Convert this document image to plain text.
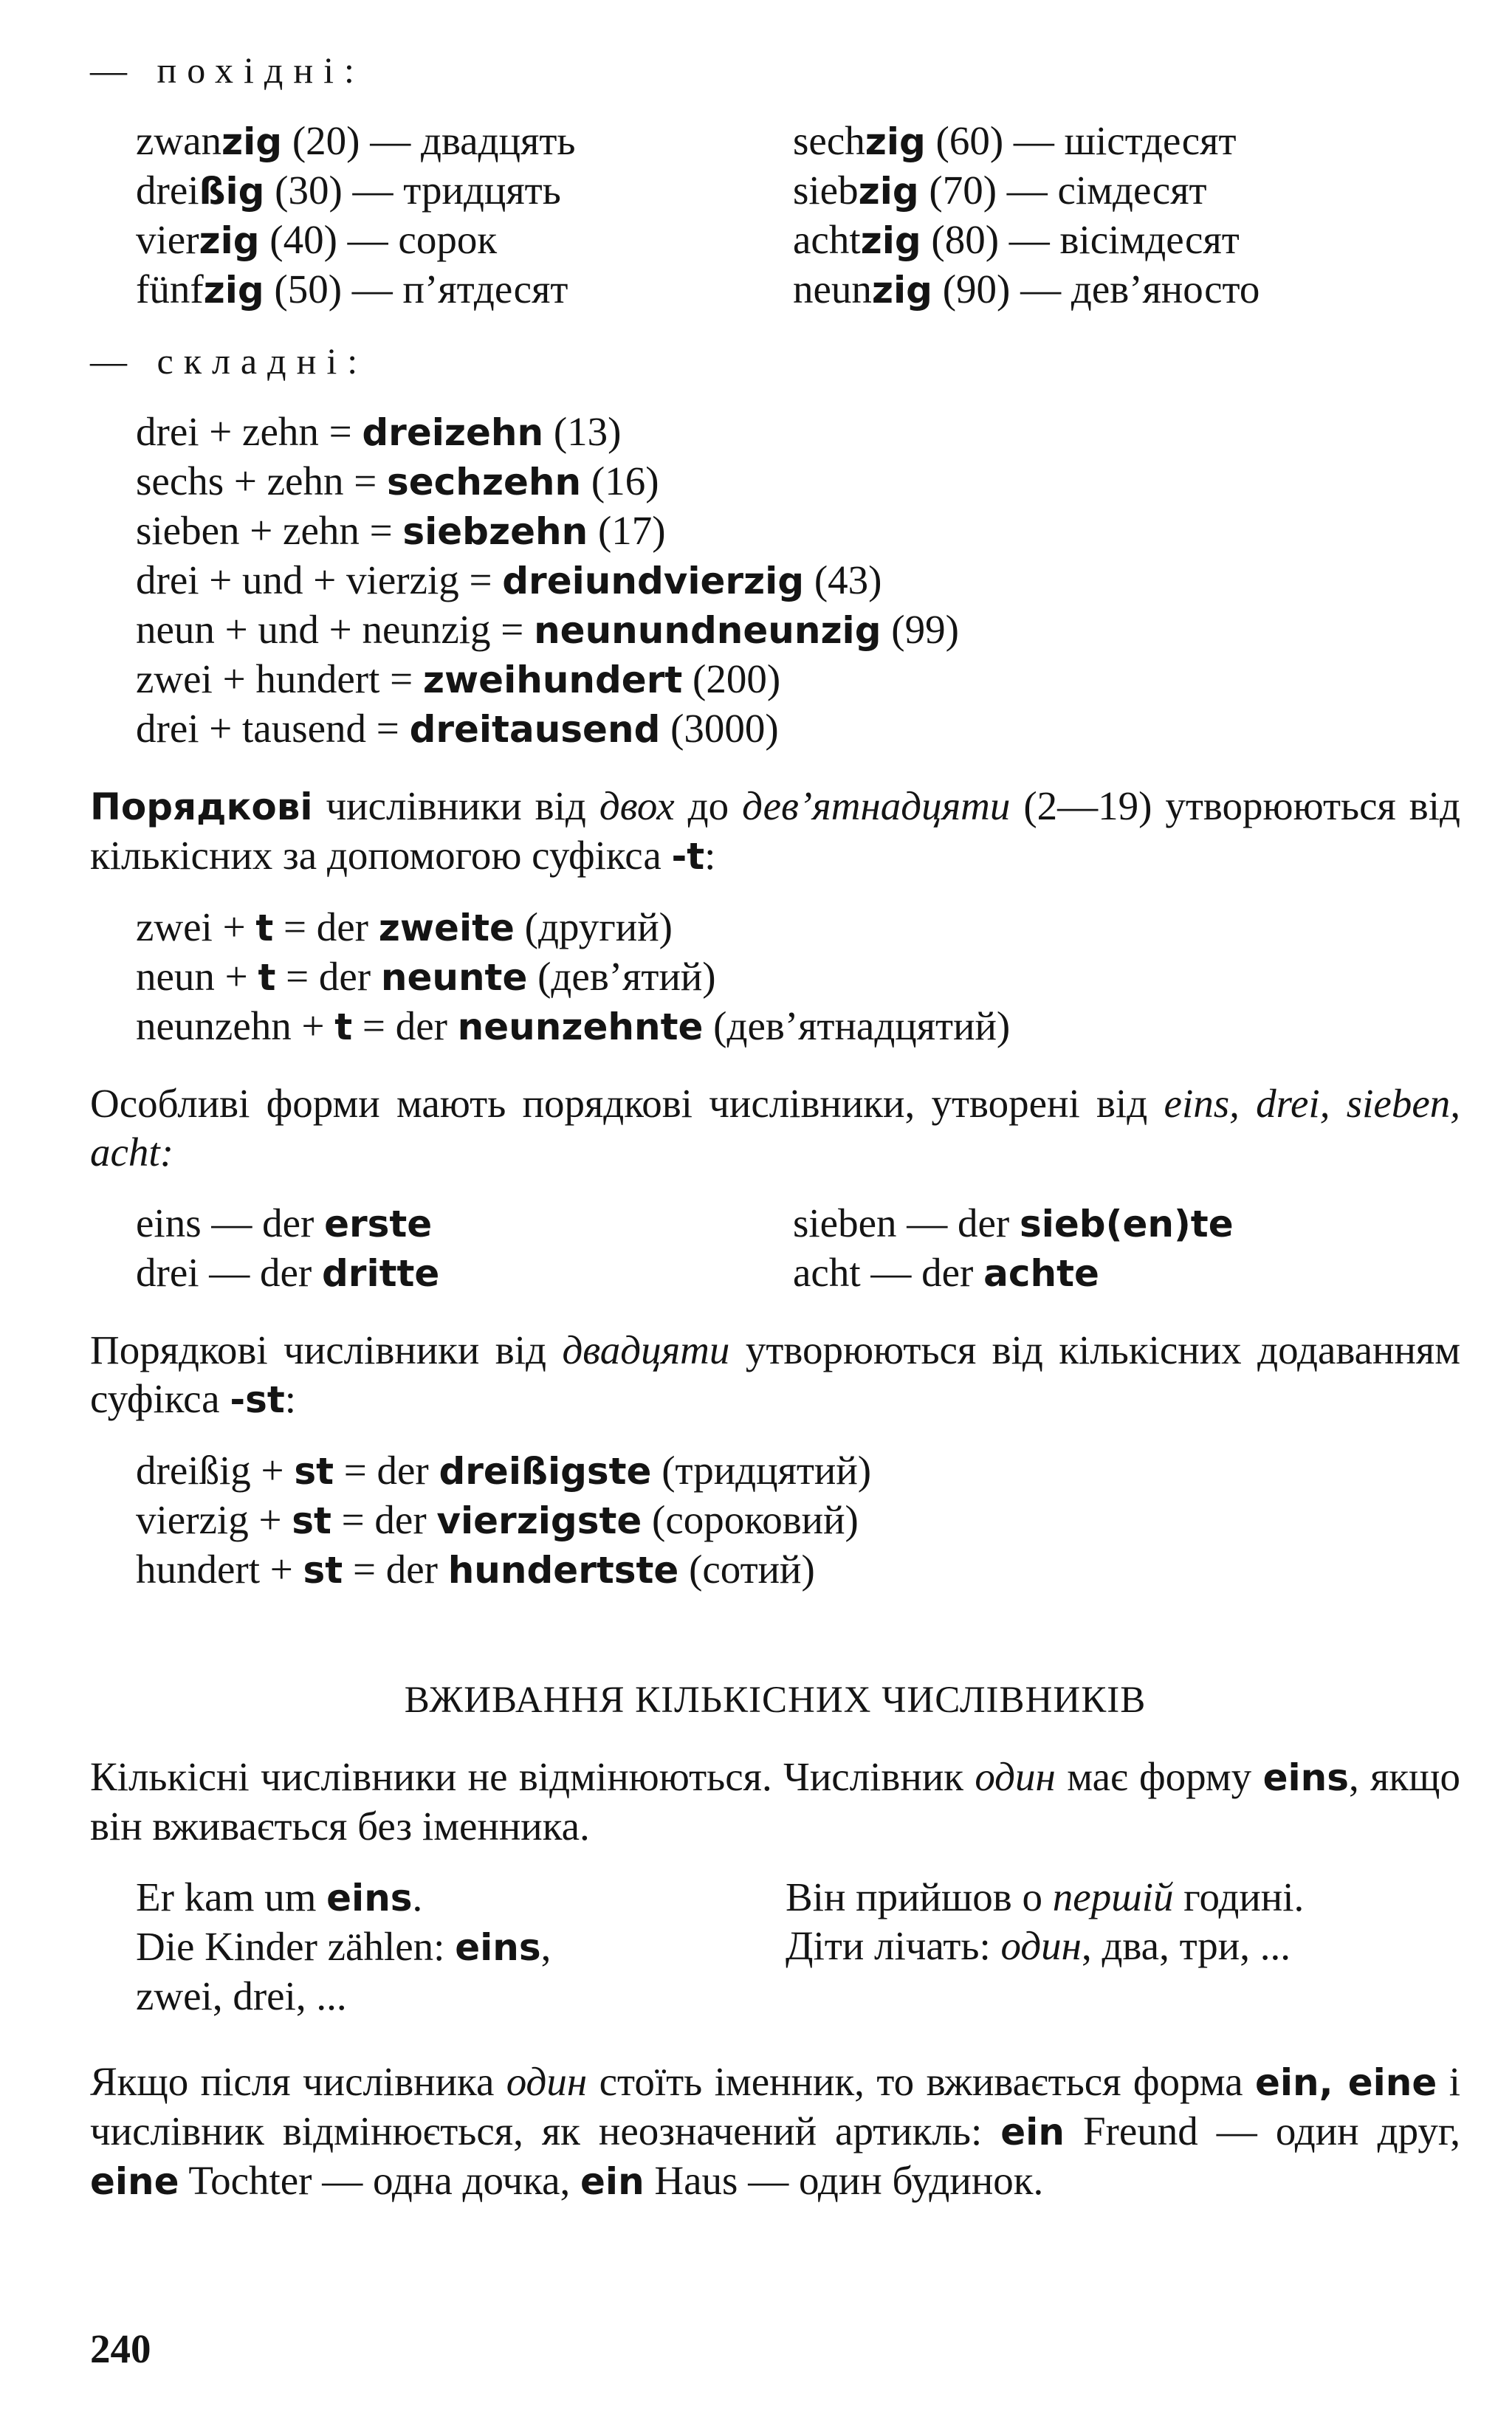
— похідні:
zwanzig (20) — двадцять
dreißig (30) — тридцять
vierzig (40) — сорок
fünfzig (50) — п’ятдесят
sechzig (60) — шістдесят
siebzig (70) — сімдесят
achtzig (80) — вісімдесят
neunzig (90) — дев’яносто
— складні:
drei + zehn = dreizehn (13)
sechs + zehn = sechzehn (16)
sieben + zehn = siebzehn (17)
drei + und + vierzig = dreiundvierzig (43)
neun + und + neunzig = neunundneunzig (99)
zwei + hundert = zweihundert (200)
drei + tausend = dreitausend (3000)
Порядкові числівники від двох до дев’ятнадцяти (2—19) утворюються від кількісних за допомогою суфікса -t:
zwei + t = der zweite (другий)
neun + t = der neunte (дев’ятий)
neunzehn + t = der neunzehnte (дев’ятнадцятий)
Особливі форми мають порядкові числівники, утворені від eins, drei, sieben, acht:
eins — der erste
drei — der dritte
sieben — der sieb(en)te
acht — der achte
Порядкові числівники від двадцяти утворюються від кількісних додаванням суфікса -st:
dreißig + st = der dreißigste (тридцятий)
vierzig + st = der vierzigste (сороковий)
hundert + st = der hundertste (сотий)
ВЖИВАННЯ КІЛЬКІСНИХ ЧИСЛІВНИКІВ
Кількісні числівники не відмінюються. Числівник один має форму eins, якщо він вживається без іменника.
Er kam um eins.
Die Kinder zählen: eins,
zwei, drei, ...
Він прийшов о першій годині.
Діти лічать: один, два, три, ...
Якщо після числівника один стоїть іменник, то вживається форма ein, eine і числівник відмінюється, як неозначений артикль: ein Freund — один друг, eine Tochter — одна дочка, ein Haus — один будинок.
240
